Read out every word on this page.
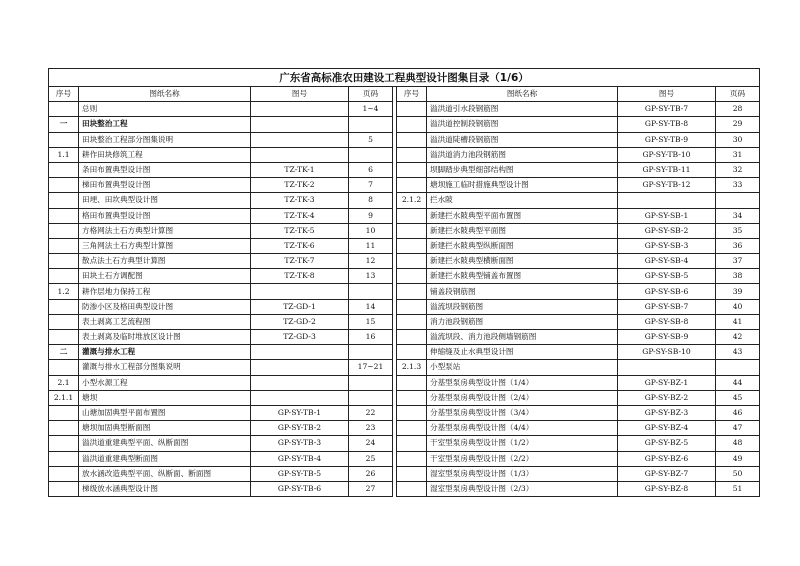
广东省高标准农田建设工程典型设计图集目录（1/6）								
序号	图纸名称	图号	页码		序号	图纸名称	图号	页码
	总则		1~4			溢洪道引水段钢筋图	GP-SY-TB-7	28
一	田块整治工程					溢洪道控制段钢筋图	GP-SY-TB-8	29
	田块整治工程部分图集说明		5			溢洪道陡槽段钢筋图	GP-SY-TB-9	30
1.1	耕作田块修筑工程					溢洪道消力池段钢筋图	GP-SY-TB-10	31
	条田布置典型设计图	TZ-TK-1	6			坝脚踏步典型细部结构图	GP-SY-TB-11	32
	梯田布置典型设计图	TZ-TK-2	7			塘坝施工临时措施典型设计图	GP-SY-TB-12	33
	田埂、田坎典型设计图	TZ-TK-3	8		2.1.2	拦水陂		
	格田布置典型设计图	TZ-TK-4	9			新建拦水陂典型平面布置图	GP-SY-SB-1	34
	方格网法土石方典型计算图	TZ-TK-5	10			新建拦水陂典型平面图	GP-SY-SB-2	35
	三角网法土石方典型计算图	TZ-TK-6	11			新建拦水陂典型纵断面图	GP-SY-SB-3	36
	散点法土石方典型计算图	TZ-TK-7	12			新建拦水陂典型横断面图	GP-SY-SB-4	37
	田块土石方调配图	TZ-TK-8	13			新建拦水陂典型铺盖布置图	GP-SY-SB-5	38
1.2	耕作层地力保持工程					铺盖段钢筋图	GP-SY-SB-6	39
	防渗小区及格田典型设计图	TZ-GD-1	14			溢流坝段钢筋图	GP-SY-SB-7	40
	表土剥离工艺流程图	TZ-GD-2	15			消力池段钢筋图	GP-SY-SB-8	41
	表土剥离及临时堆放区设计图	TZ-GD-3	16			溢流坝段、消力池段侧墙钢筋图	GP-SY-SB-9	42
二	灌溉与排水工程					伸缩缝及止水典型设计图	GP-SY-SB-10	43
	灌溉与排水工程部分图集说明		17~21		2.1.3	小型泵站		
2.1	小型水源工程					分基型泵房典型设计图（1/4）	GP-SY-BZ-1	44
2.1.1	塘坝					分基型泵房典型设计图（2/4）	GP-SY-BZ-2	45
	山塘加固典型平面布置图	GP-SY-TB-1	22			分基型泵房典型设计图（3/4）	GP-SY-BZ-3	46
	塘坝加固典型断面图	GP-SY-TB-2	23			分基型泵房典型设计图（4/4）	GP-SY-BZ-4	47
	溢洪道重建典型平面、纵断面图	GP-SY-TB-3	24			干室型泵房典型设计图（1/2）	GP-SY-BZ-5	48
	溢洪道重建典型断面图	GP-SY-TB-4	25			干室型泵房典型设计图（2/2）	GP-SY-BZ-6	49
	放水涵改造典型平面、纵断面、断面图	GP-SY-TB-5	26			湿室型泵房典型设计图（1/3）	GP-SY-BZ-7	50
	梯级放水涵典型设计图	GP-SY-TB-6	27			湿室型泵房典型设计图（2/3）	GP-SY-BZ-8	51
